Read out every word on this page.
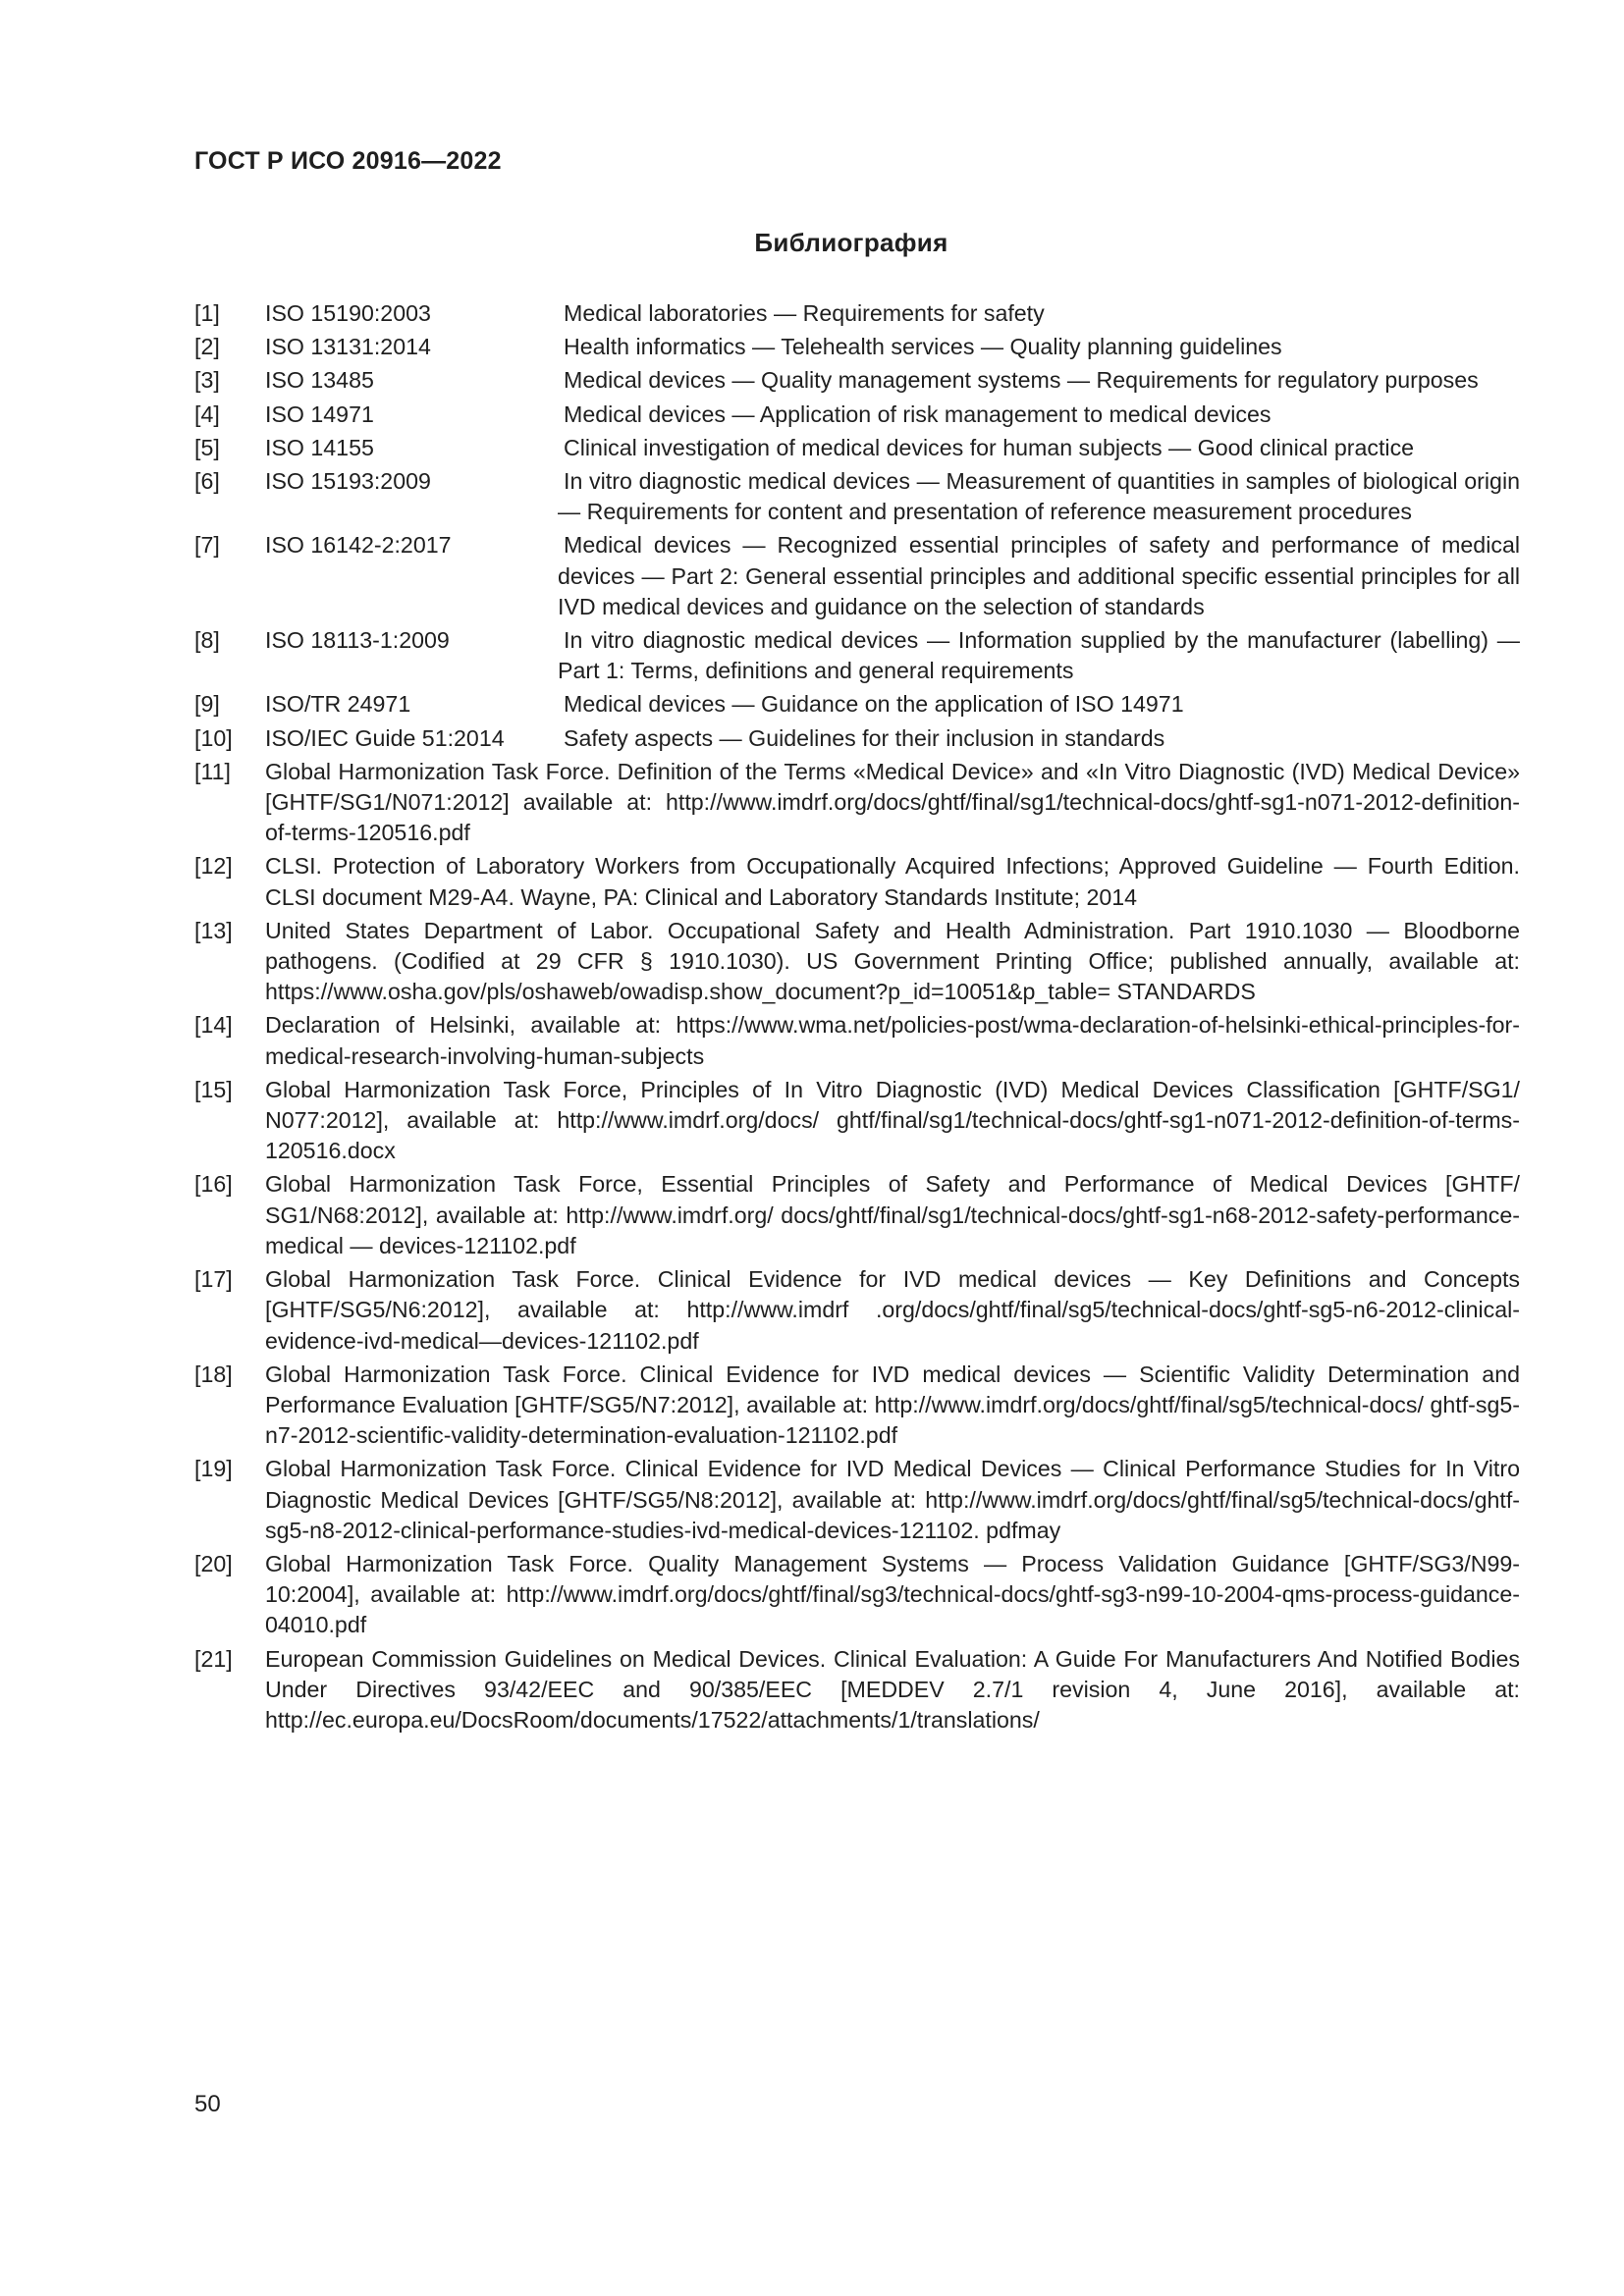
ГОСТ Р ИСО 20916—2022
Библиография
[1] ISO 15190:2003	Medical laboratories — Requirements for safety
[2] ISO 13131:2014	Health informatics — Telehealth services — Quality planning guidelines
[3] ISO 13485	Medical devices — Quality management systems — Requirements for regulatory purposes
[4] ISO 14971	Medical devices — Application of risk management to medical devices
[5] ISO 14155	Clinical investigation of medical devices for human subjects — Good clinical practice
[6] ISO 15193:2009	In vitro diagnostic medical devices — Measurement of quantities in samples of biological origin — Requirements for content and presentation of reference measurement procedures
[7] ISO 16142-2:2017	Medical devices — Recognized essential principles of safety and performance of medical devices — Part 2: General essential principles and additional specific essential principles for all IVD medical devices and guidance on the selection of standards
[8] ISO 18113-1:2009	In vitro diagnostic medical devices — Information supplied by the manufacturer (labelling) — Part 1: Terms, definitions and general requirements
[9] ISO/TR 24971	Medical devices — Guidance on the application of ISO 14971
[10] ISO/IEC Guide 51:2014	Safety aspects — Guidelines for their inclusion in standards
[11] Global Harmonization Task Force. Definition of the Terms «Medical Device» and «In Vitro Diagnostic (IVD) Medical Device» [GHTF/SG1/N071:2012] available at: http://www.imdrf.org/docs/ghtf/final/sg1/technical-docs/ghtf-sg1-n071-2012-definition-of-terms-120516.pdf
[12] CLSI. Protection of Laboratory Workers from Occupationally Acquired Infections; Approved Guideline — Fourth Edition. CLSI document M29-A4. Wayne, PA: Clinical and Laboratory Standards Institute; 2014
[13] United States Department of Labor. Occupational Safety and Health Administration. Part 1910.1030 — Bloodborne pathogens. (Codified at 29 CFR § 1910.1030). US Government Printing Office; published annually, available at: https://www.osha.gov/pls/oshaweb/owadisp.show_document?p_id=10051&p_table= STANDARDS
[14] Declaration of Helsinki, available at: https://www.wma.net/policies-post/wma-declaration-of-helsinki-ethical-principles-for-medical-research-involving-human-subjects
[15] Global Harmonization Task Force, Principles of In Vitro Diagnostic (IVD) Medical Devices Classification [GHTF/SG1/ N077:2012], available at: http://www.imdrf.org/docs/ ghtf/final/sg1/technical-docs/ghtf-sg1-n071-2012-definition-of-terms-120516.docx
[16] Global Harmonization Task Force, Essential Principles of Safety and Performance of Medical Devices [GHTF/ SG1/N68:2012], available at: http://www.imdrf.org/ docs/ghtf/final/sg1/technical-docs/ghtf-sg1-n68-2012-safety-performance-medical — devices-121102.pdf
[17] Global Harmonization Task Force. Clinical Evidence for IVD medical devices — Key Definitions and Concepts [GHTF/SG5/N6:2012], available at: http://www.imdrf .org/docs/ghtf/final/sg5/technical-docs/ghtf-sg5-n6-2012-clinical-evidence-ivd-medical—devices-121102.pdf
[18] Global Harmonization Task Force. Clinical Evidence for IVD medical devices — Scientific Validity Determination and Performance Evaluation [GHTF/SG5/N7:2012], available at: http://www.imdrf.org/docs/ghtf/final/sg5/technical-docs/ ghtf-sg5-n7-2012-scientific-validity-determination-evaluation-121102.pdf
[19] Global Harmonization Task Force. Clinical Evidence for IVD Medical Devices — Clinical Performance Studies for In Vitro Diagnostic Medical Devices [GHTF/SG5/N8:2012], available at: http://www.imdrf.org/docs/ghtf/final/sg5/technical-docs/ghtf-sg5-n8-2012-clinical-performance-studies-ivd-medical-devices-121102. pdfmay
[20] Global Harmonization Task Force. Quality Management Systems — Process Validation Guidance [GHTF/SG3/N99-10:2004], available at: http://www.imdrf.org/docs/ghtf/final/sg3/technical-docs/ghtf-sg3-n99-10-2004-qms-process-guidance-04010.pdf
[21] European Commission Guidelines on Medical Devices. Clinical Evaluation: A Guide For Manufacturers And Notified Bodies Under Directives 93/42/EEC and 90/385/EEC [MEDDEV 2.7/1 revision 4, June 2016], available at: http://ec.europa.eu/DocsRoom/documents/17522/attachments/1/translations/
50
